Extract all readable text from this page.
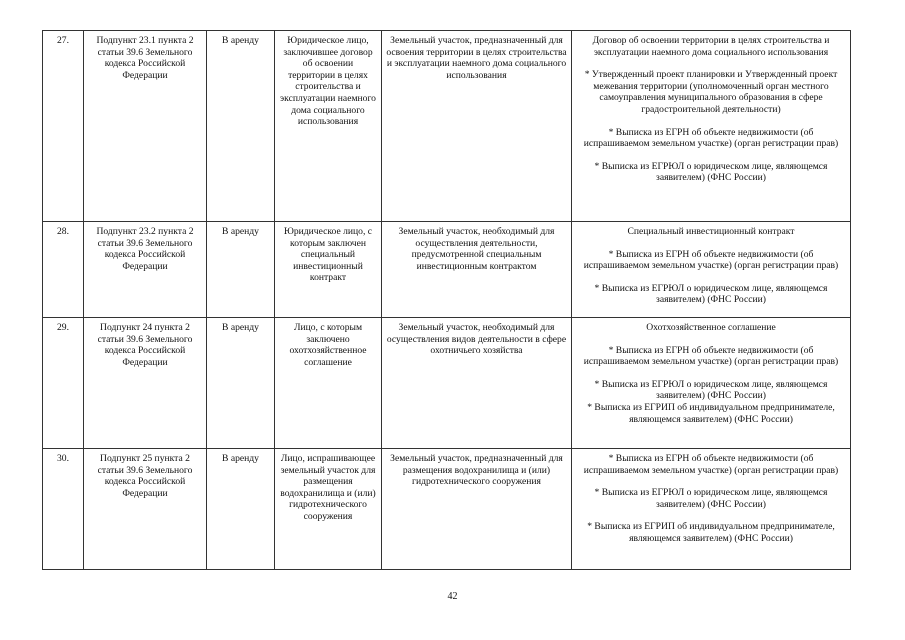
27.	Подпункт 23.1 пункта 2 статьи 39.6 Земельного кодекса Российской Федерации	В аренду	Юридическое лицо, заключившее договор об освоении территории в целях строительства и эксплуатации наемного дома социального использования	Земельный участок, предназначенный для освоения территории в целях строительства и эксплуатации наемного дома социального использования	Договор об освоении территории в целях строительства и эксплуатации наемного дома социального использования

* Утвержденный проект планировки и Утвержденный проект межевания территории (уполномоченный орган местного самоуправления муниципального образования в сфере градостроительной деятельности)

* Выписка из ЕГРН об объекте недвижимости (об испрашиваемом земельном участке) (орган регистрации прав)

* Выписка из ЕГРЮЛ о юридическом лице, являющемся заявителем) (ФНС России)

28.	Подпункт 23.2 пункта 2 статьи 39.6 Земельного кодекса Российской Федерации	В аренду	Юридическое лицо, с которым заключен специальный инвестиционный контракт	Земельный участок, необходимый для осуществления деятельности, предусмотренной специальным инвестиционным контрактом	Специальный инвестиционный контракт

* Выписка из ЕГРН об объекте недвижимости (об испрашиваемом земельном участке) (орган регистрации прав)

* Выписка из ЕГРЮЛ о юридическом лице, являющемся заявителем) (ФНС России)

29.	Подпункт 24 пункта 2 статьи 39.6 Земельного кодекса Российской Федерации	В аренду	Лицо, с которым заключено охотхозяйственное соглашение	Земельный участок, необходимый для осуществления видов деятельности в сфере охотничьего хозяйства	Охотхозяйственное соглашение

* Выписка из ЕГРН об объекте недвижимости (об испрашиваемом земельном участке) (орган регистрации прав)

* Выписка из ЕГРЮЛ о юридическом лице, являющемся заявителем) (ФНС России)

* Выписка из ЕГРИП об индивидуальном предпринимателе, являющемся заявителем) (ФНС России)

30.	Подпункт 25 пункта 2 статьи 39.6 Земельного кодекса Российской Федерации	В аренду	Лицо, испрашивающее земельный участок для размещения водохранилища и (или) гидротехнического сооружения	Земельный участок, предназначенный для размещения водохранилища и (или) гидротехнического сооружения	* Выписка из ЕГРН об объекте недвижимости (об испрашиваемом земельном участке) (орган регистрации прав)

* Выписка из ЕГРЮЛ о юридическом лице, являющемся заявителем) (ФНС России)

* Выписка из ЕГРИП об индивидуальном предпринимателе, являющемся заявителем) (ФНС России)

42
